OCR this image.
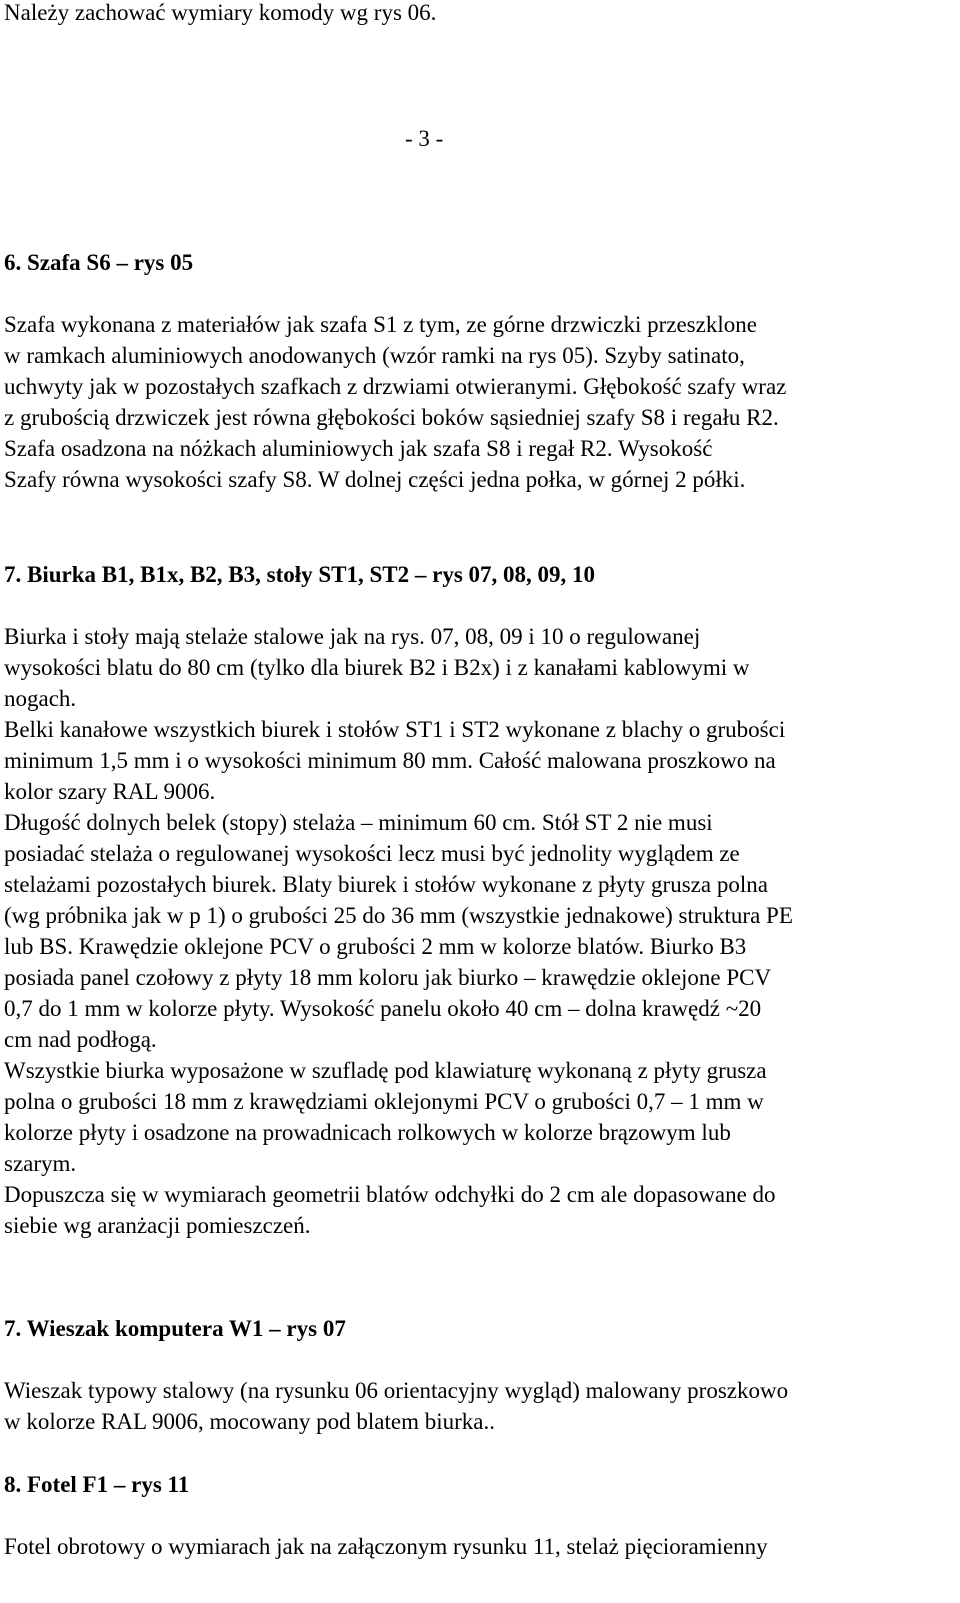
Należy zachować wymiary komody wg rys 06.
- 3 -
6. Szafa S6 – rys 05
Szafa wykonana z materiałów jak szafa S1 z tym, ze górne drzwiczki przeszklone
w ramkach aluminiowych anodowanych (wzór ramki na rys 05). Szyby satinato,
uchwyty jak w pozostałych szafkach z drzwiami otwieranymi. Głębokość szafy wraz
z grubością drzwiczek jest równa głębokości boków sąsiedniej szafy S8 i regału R2.
Szafa osadzona na nóżkach aluminiowych jak szafa S8 i regał R2. Wysokość
Szafy równa wysokości szafy S8. W dolnej części jedna połka, w górnej 2 półki.
7. Biurka B1, B1x, B2, B3, stoły ST1, ST2 – rys 07, 08, 09, 10
Biurka i stoły mają stelaże stalowe jak na rys. 07, 08, 09 i 10 o regulowanej
wysokości blatu do 80 cm (tylko dla biurek B2 i B2x) i z kanałami kablowymi w
nogach.
Belki kanałowe wszystkich biurek i stołów ST1 i ST2 wykonane z blachy o grubości
minimum 1,5 mm i o wysokości minimum 80 mm. Całość malowana proszkowo na
kolor szary RAL 9006.
Długość dolnych belek (stopy) stelaża – minimum 60 cm. Stół ST 2 nie musi
posiadać stelaża o regulowanej wysokości lecz musi być jednolity wyglądem ze
stelażami pozostałych biurek. Blaty biurek i stołów wykonane z płyty grusza polna
(wg próbnika jak w p 1) o grubości 25 do 36 mm (wszystkie jednakowe) struktura PE
lub BS. Krawędzie oklejone PCV o grubości 2 mm w kolorze blatów. Biurko B3
posiada panel czołowy z płyty 18 mm koloru jak biurko – krawędzie oklejone PCV
0,7 do 1 mm w kolorze płyty. Wysokość panelu około 40 cm – dolna krawędź ~20
cm nad podłogą.
Wszystkie biurka wyposażone w szufladę pod klawiaturę wykonaną z płyty grusza
polna o grubości 18 mm z krawędziami oklejonymi PCV o grubości 0,7 – 1 mm w
kolorze płyty i osadzone na prowadnicach rolkowych w kolorze brązowym lub
szarym.
Dopuszcza się w wymiarach geometrii blatów odchyłki do 2 cm ale dopasowane do
siebie wg aranżacji pomieszczeń.
7. Wieszak komputera W1 – rys 07
Wieszak typowy stalowy (na rysunku 06 orientacyjny wygląd) malowany proszkowo
w kolorze RAL 9006, mocowany pod blatem biurka..
8. Fotel F1 – rys 11
Fotel obrotowy o wymiarach jak na załączonym rysunku 11, stelaż pięcioramienny
